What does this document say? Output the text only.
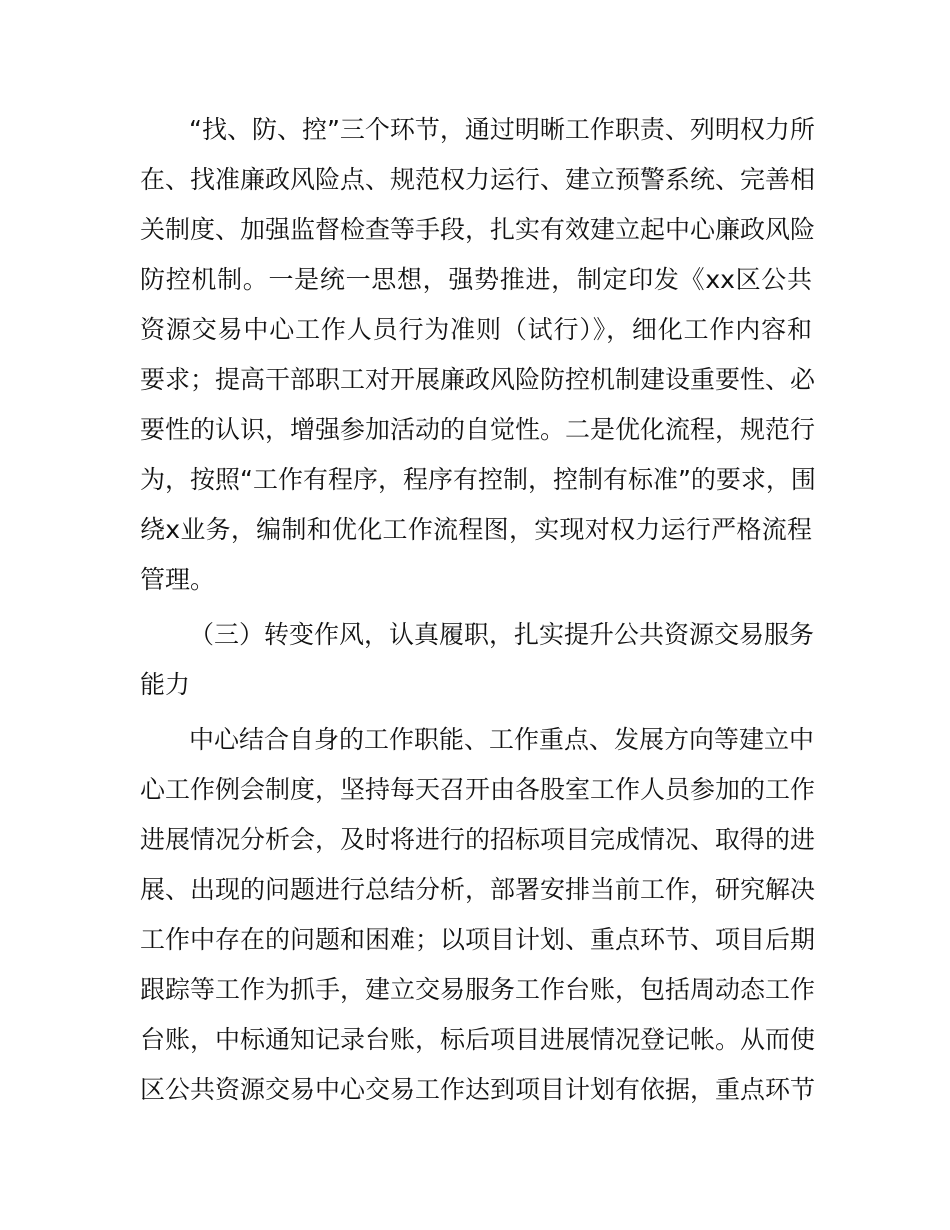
“找、防、控”三个环节，通过明晰工作职责、列明权力所
在、找准廉政风险点、规范权力运行、建立预警系统、完善相
关制度、加强监督检查等手段，扎实有效建立起中心廉政风险
防控机制。一是统一思想，强势推进，制定印发《xx区公共
资源交易中心工作人员行为准则（试行）》，细化工作内容和
要求；提高干部职工对开展廉政风险防控机制建设重要性、必
要性的认识，增强参加活动的自觉性。二是优化流程，规范行
为，按照“工作有程序，程序有控制，控制有标准”的要求，围
绕x业务，编制和优化工作流程图，实现对权力运行严格流程
管理。
（三）转变作风，认真履职，扎实提升公共资源交易服务
能力
中心结合自身的工作职能、工作重点、发展方向等建立中
心工作例会制度，坚持每天召开由各股室工作人员参加的工作
进展情况分析会，及时将进行的招标项目完成情况、取得的进
展、出现的问题进行总结分析，部署安排当前工作，研究解决
工作中存在的问题和困难；以项目计划、重点环节、项目后期
跟踪等工作为抓手，建立交易服务工作台账，包括周动态工作
台账，中标通知记录台账，标后项目进展情况登记帐。从而使
区公共资源交易中心交易工作达到项目计划有依据，重点环节
